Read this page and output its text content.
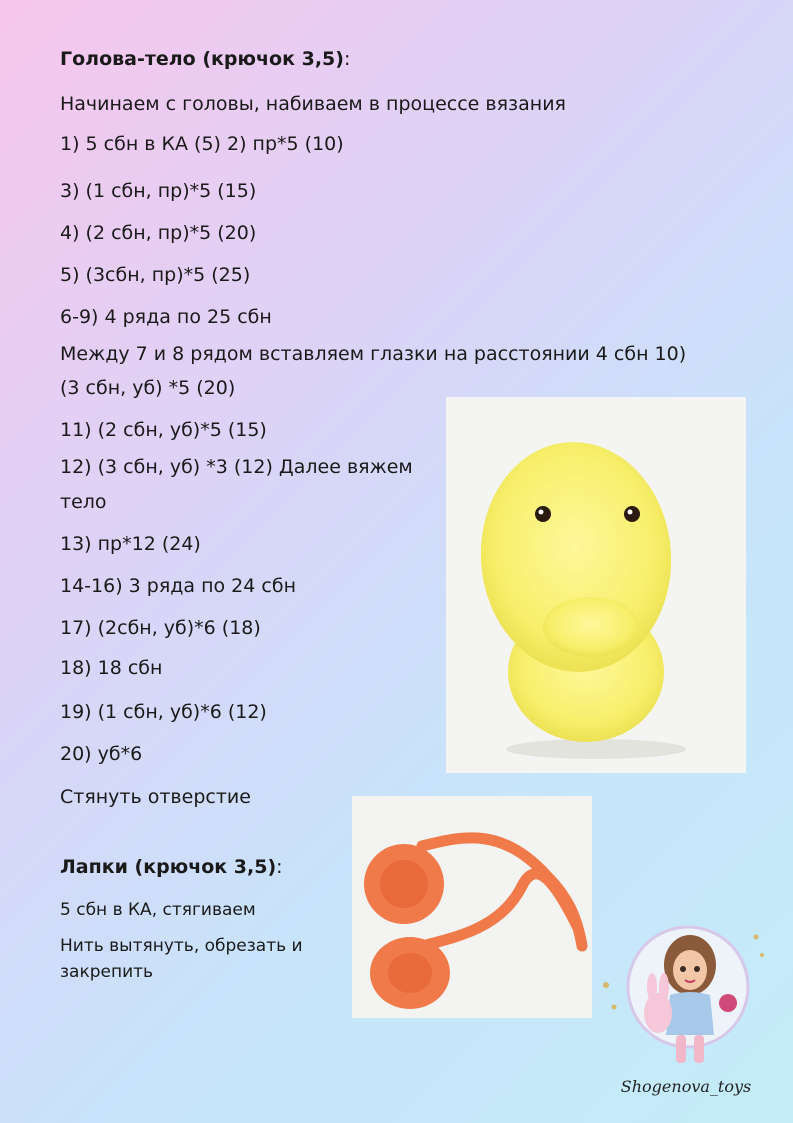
Голова-тело (крючок 3,5):
Начинаем с головы, набиваем в процессе вязания
1) 5 сбн в КА (5) 2) пр*5 (10)
3) (1 сбн, пр)*5 (15)
4) (2 сбн, пр)*5 (20)
5) (3сбн, пр)*5 (25)
6-9) 4 ряда по 25 сбн
Между 7 и 8 рядом вставляем глазки на расстоянии 4 сбн 10)
(3 сбн, уб) *5 (20)
11) (2 сбн, уб)*5 (15)
12) (3 сбн, уб) *3 (12) Далее вяжем
тело
13) пр*12 (24)
14-16) 3 ряда по 24 сбн
17) (2сбн, уб)*6 (18)
18) 18 сбн
19) (1 сбн, уб)*6 (12)
20) уб*6
Стянуть отверстие
Лапки (крючок 3,5):
5 сбн в КА, стягиваем
Нить вытянуть, обрезать и
закрепить
Shogenova_toys
